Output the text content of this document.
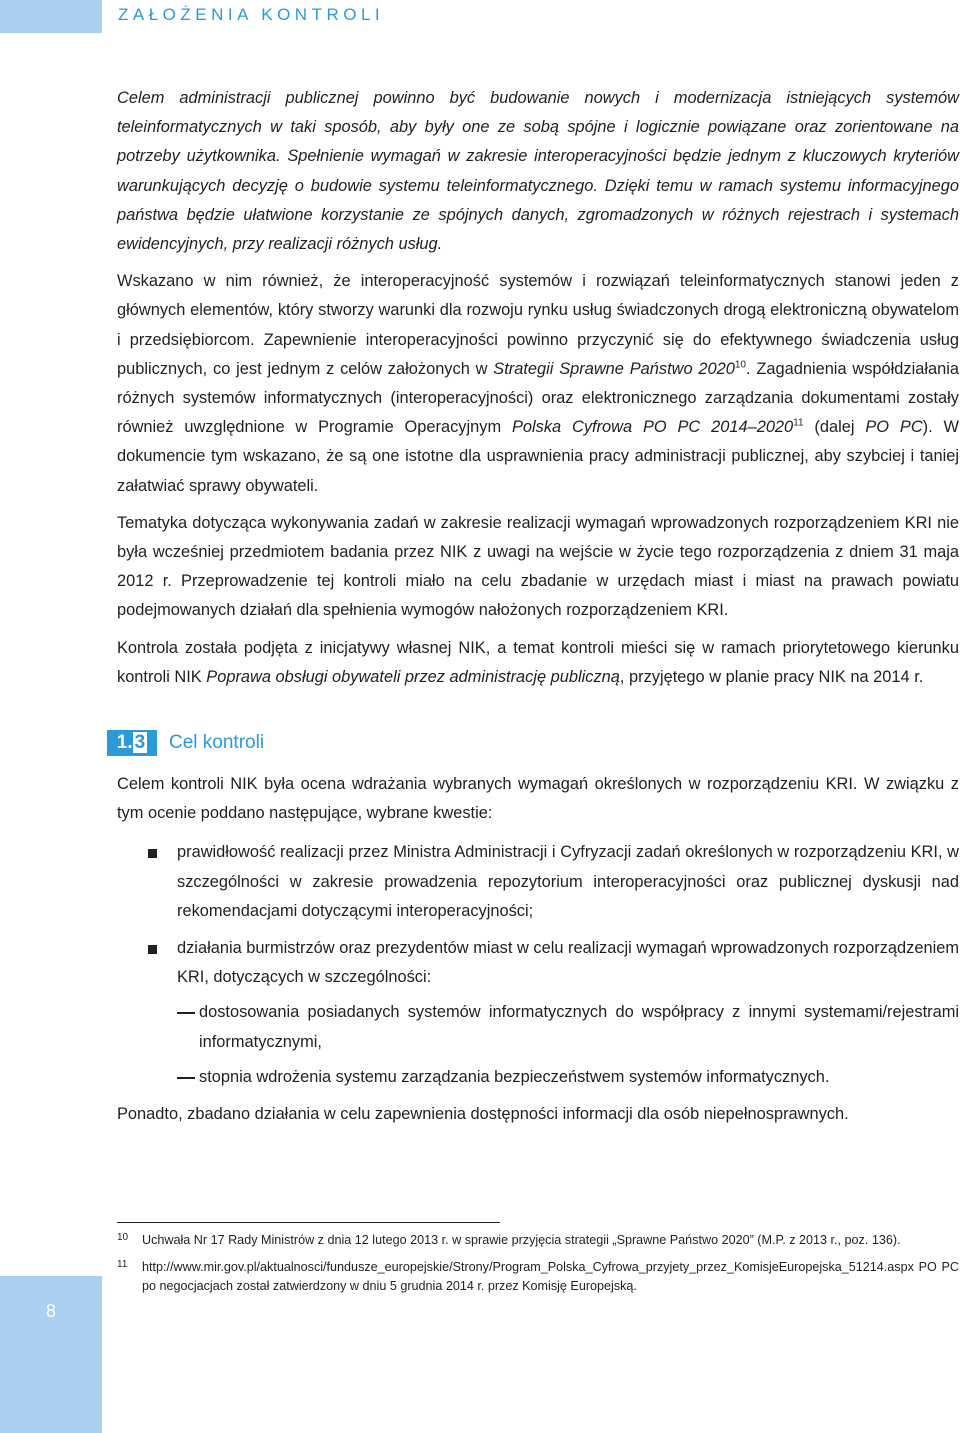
ZAŁOŻENIA KONTROLI

Celem administracji publicznej powinno być budowanie nowych i modernizacja istniejących systemów teleinformatycznych w taki sposób, aby były one ze sobą spójne i logicznie powiązane oraz zorientowane na potrzeby użytkownika. Spełnienie wymagań w zakresie interoperacyjności będzie jednym z kluczowych kryteriów warunkujących decyzję o budowie systemu teleinformatycznego. Dzięki temu w ramach systemu informacyjnego państwa będzie ułatwione korzystanie ze spójnych danych, zgromadzonych w różnych rejestrach i systemach ewidencyjnych, przy realizacji różnych usług.

Wskazano w nim również, że interoperacyjność systemów i rozwiązań teleinformatycznych stanowi jeden z głównych elementów, który stworzy warunki dla rozwoju rynku usług świadczonych drogą elektroniczną obywatelom i przedsiębiorcom. Zapewnienie interoperacyjności powinno przyczynić się do efektywnego świadczenia usług publicznych, co jest jednym z celów założonych w Strategii Sprawne Państwo 2020$^{10}$. Zagadnienia współdziałania różnych systemów informatycznych (interoperacyjności) oraz elektronicznego zarządzania dokumentami zostały również uwzględnione w Programie Operacyjnym Polska Cyfrowa PO PC 2014–2020$^{11}$ (dalej PO PC). W dokumencie tym wskazano, że są one istotne dla usprawnienia pracy administracji publicznej, aby szybciej i taniej załatwiać sprawy obywateli.

Tematyka dotycząca wykonywania zadań w zakresie realizacji wymagań wprowadzonych rozporządzeniem KRI nie była wcześniej przedmiotem badania przez NIK z uwagi na wejście w życie tego rozporządzenia z dniem 31 maja 2012 r. Przeprowadzenie tej kontroli miało na celu zbadanie w urzędach miast i miast na prawach powiatu podejmowanych działań dla spełnienia wymogów nałożonych rozporządzeniem KRI.

Kontrola została podjęta z inicjatywy własnej NIK, a temat kontroli mieści się w ramach priorytetowego kierunku kontroli NIK Poprawa obsługi obywateli przez administrację publiczną, przyjętego w planie pracy NIK na 2014 r.

1. 3	Cel kontroli

Celem kontroli NIK była ocena wdrażania wybranych wymagań określonych w rozporządzeniu KRI. W związku z tym ocenie poddano następujące, wybrane kwestie:

prawidłowość realizacji przez Ministra Administracji i Cyfryzacji zadań określonych w rozporządzeniu KRI, w szczególności w zakresie prowadzenia repozytorium interoperacyjności oraz publicznej dyskusji nad rekomendacjami dotyczącymi interoperacyjności;
działania burmistrzów oraz prezydentów miast w celu realizacji wymagań wprowadzonych rozporządzeniem KRI, dotyczących w szczególności:
dostosowania posiadanych systemów informatycznych do współpracy z innymi systemami/rejestrami informatycznymi,
stopnia wdrożenia systemu zarządzania bezpieczeństwem systemów informatycznych.

Ponadto, zbadano działania w celu zapewnienia dostępności informacji dla osób niepełnosprawnych.

10 Uchwała Nr 17 Rady Ministrów z dnia 12 lutego 2013 r. w sprawie przyjęcia strategii „Sprawne Państwo 2020” (M.P. z 2013 r., poz. 136).
11 http://www.mir.gov.pl/aktualnosci/fundusze_europejskie/Strony/Program_Polska_Cyfrowa_przyjety_przez_KomisjeEuropejska_51214.aspx PO PC po negocjacjach został zatwierdzony w dniu 5 grudnia 2014 r. przez Komisję Europejską.
8
